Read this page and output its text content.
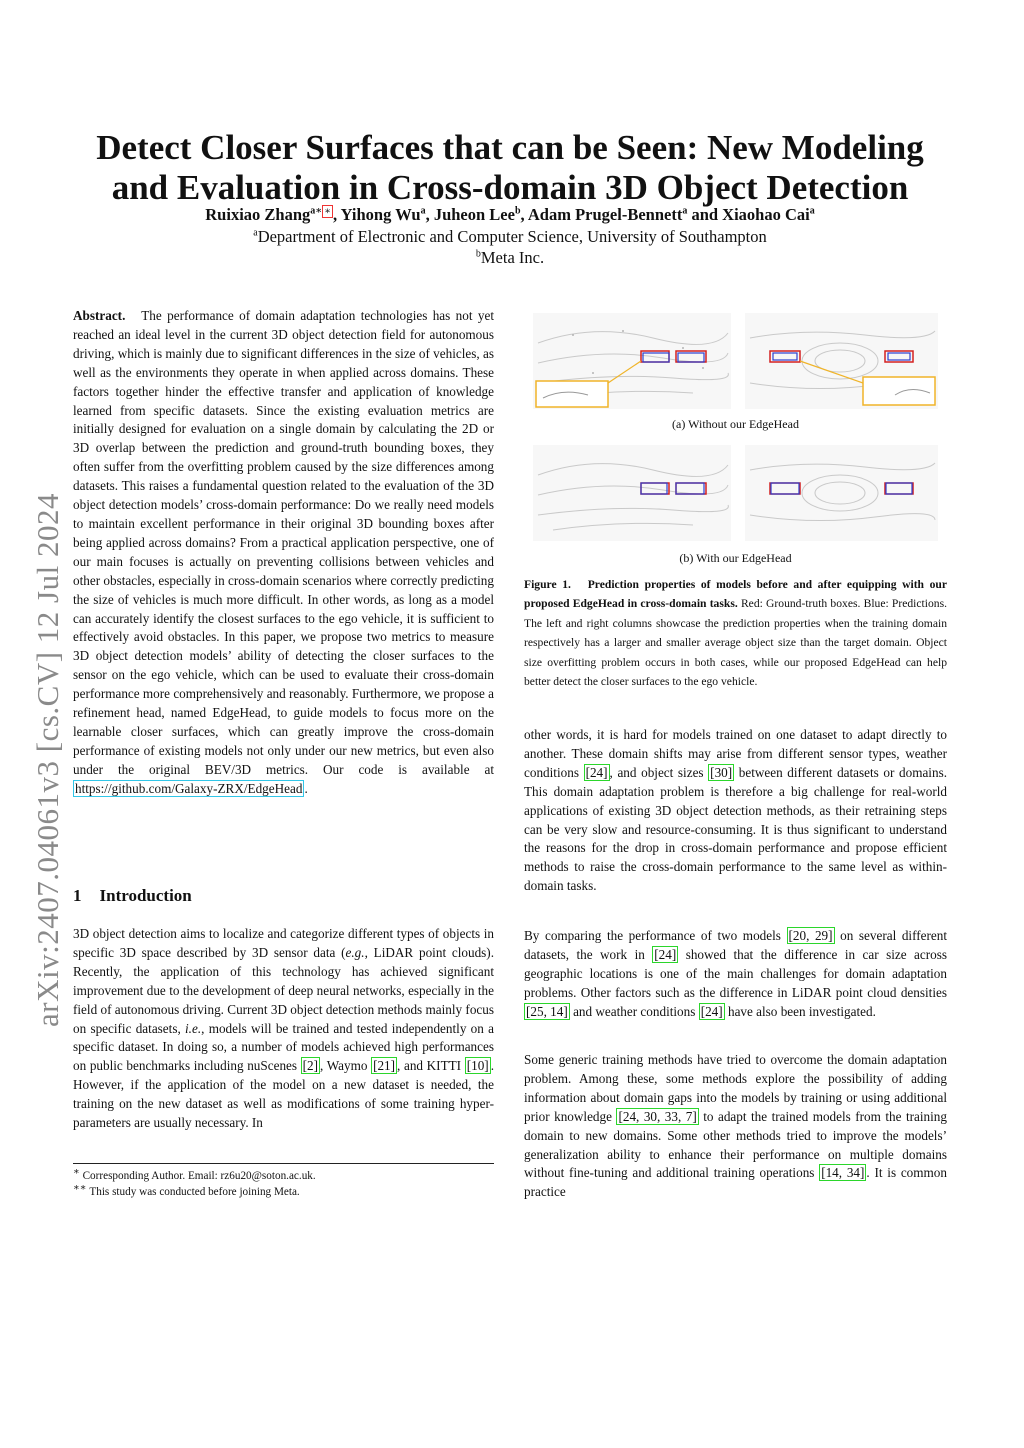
arXiv:2407.04061v3 [cs.CV] 12 Jul 2024
Detect Closer Surfaces that can be Seen: New Modeling
and Evaluation in Cross-domain 3D Object Detection
Ruixiao Zhang$^{a∗}$ ∗ , Yihong Wu$^a$, Juheon Lee$^b$, Adam Prugel-Bennett$^a$ and Xiaohao Cai$^a$
$^a$Department of Electronic and Computer Science, University of Southampton
$^b$Meta Inc.
Abstract. The performance of domain adaptation technologies has not yet reached an ideal level in the current 3D object detection field for autonomous driving, which is mainly due to significant differences in the size of vehicles, as well as the environments they operate in when applied across domains. These factors together hinder the effective transfer and application of knowledge learned from specific datasets. Since the existing evaluation metrics are initially designed for evaluation on a single domain by calculating the 2D or 3D overlap between the prediction and ground-truth bounding boxes, they often suffer from the overfitting problem caused by the size differences among datasets. This raises a fundamental question related to the evaluation of the 3D object detection models’ cross-domain performance: Do we really need models to maintain excellent performance in their original 3D bounding boxes after being applied across domains? From a practical application perspective, one of our main focuses is actually on preventing collisions between vehicles and other obstacles, especially in cross-domain scenarios where correctly predicting the size of vehicles is much more difficult. In other words, as long as a model can accurately identify the closest surfaces to the ego vehicle, it is sufficient to effectively avoid obstacles. In this paper, we propose two metrics to measure 3D object detection models’ ability of detecting the closer surfaces to the sensor on the ego vehicle, which can be used to evaluate their cross-domain performance more comprehensively and reasonably. Furthermore, we propose a refinement head, named EdgeHead, to guide models to focus more on the learnable closer surfaces, which can greatly improve the cross-domain performance of existing models not only under our new metrics, but even also under the original BEV/3D metrics. Our code is available at https://github.com/Galaxy-ZRX/EdgeHead .
1 Introduction
3D object detection aims to localize and categorize different types of objects in specific 3D space described by 3D sensor data (e.g., LiDAR point clouds). Recently, the application of this technology has achieved significant improvement due to the development of deep neural networks, especially in the field of autonomous driving. Current 3D object detection methods mainly focus on specific datasets, i.e., models will be trained and tested independently on a specific dataset. In doing so, a number of models achieved high performances on public benchmarks including nuScenes [2] , Waymo [21] , and KITTI [10] . However, if the application of the model on a new dataset is needed, the training on the new dataset as well as modifications of some training hyper-parameters are usually necessary. In
∗ Corresponding Author. Email: rz6u20@soton.ac.uk.
∗∗ This study was conducted before joining Meta.
(a) Without our EdgeHead
(b) With our EdgeHead
Figure 1. Prediction properties of models before and after equipping with our proposed EdgeHead in cross-domain tasks. Red: Ground-truth boxes. Blue: Predictions. The left and right columns showcase the prediction properties when the training domain respectively has a larger and smaller average object size than the target domain. Object size overfitting problem occurs in both cases, while our proposed EdgeHead can help better detect the closer surfaces to the ego vehicle.
other words, it is hard for models trained on one dataset to adapt directly to another. These domain shifts may arise from different sensor types, weather conditions [24] , and object sizes [30] between different datasets or domains. This domain adaptation problem is therefore a big challenge for real-world applications of existing 3D object detection methods, as their retraining steps can be very slow and resource-consuming. It is thus significant to understand the reasons for the drop in cross-domain performance and propose efficient methods to raise the cross-domain performance to the same level as within-domain tasks.
By comparing the performance of two models [20, 29] on several different datasets, the work in [24] showed that the difference in car size across geographic locations is one of the main challenges for domain adaptation problems. Other factors such as the difference in LiDAR point cloud densities [25, 14] and weather conditions [24] have also been investigated.
Some generic training methods have tried to overcome the domain adaptation problem. Among these, some methods explore the possibility of adding information about domain gaps into the models by training or using additional prior knowledge [24, 30, 33, 7] to adapt the trained models from the training domain to new domains. Some other methods tried to improve the models’ generalization ability to enhance their performance on multiple domains without fine-tuning and additional training operations [14, 34] . It is common practice
